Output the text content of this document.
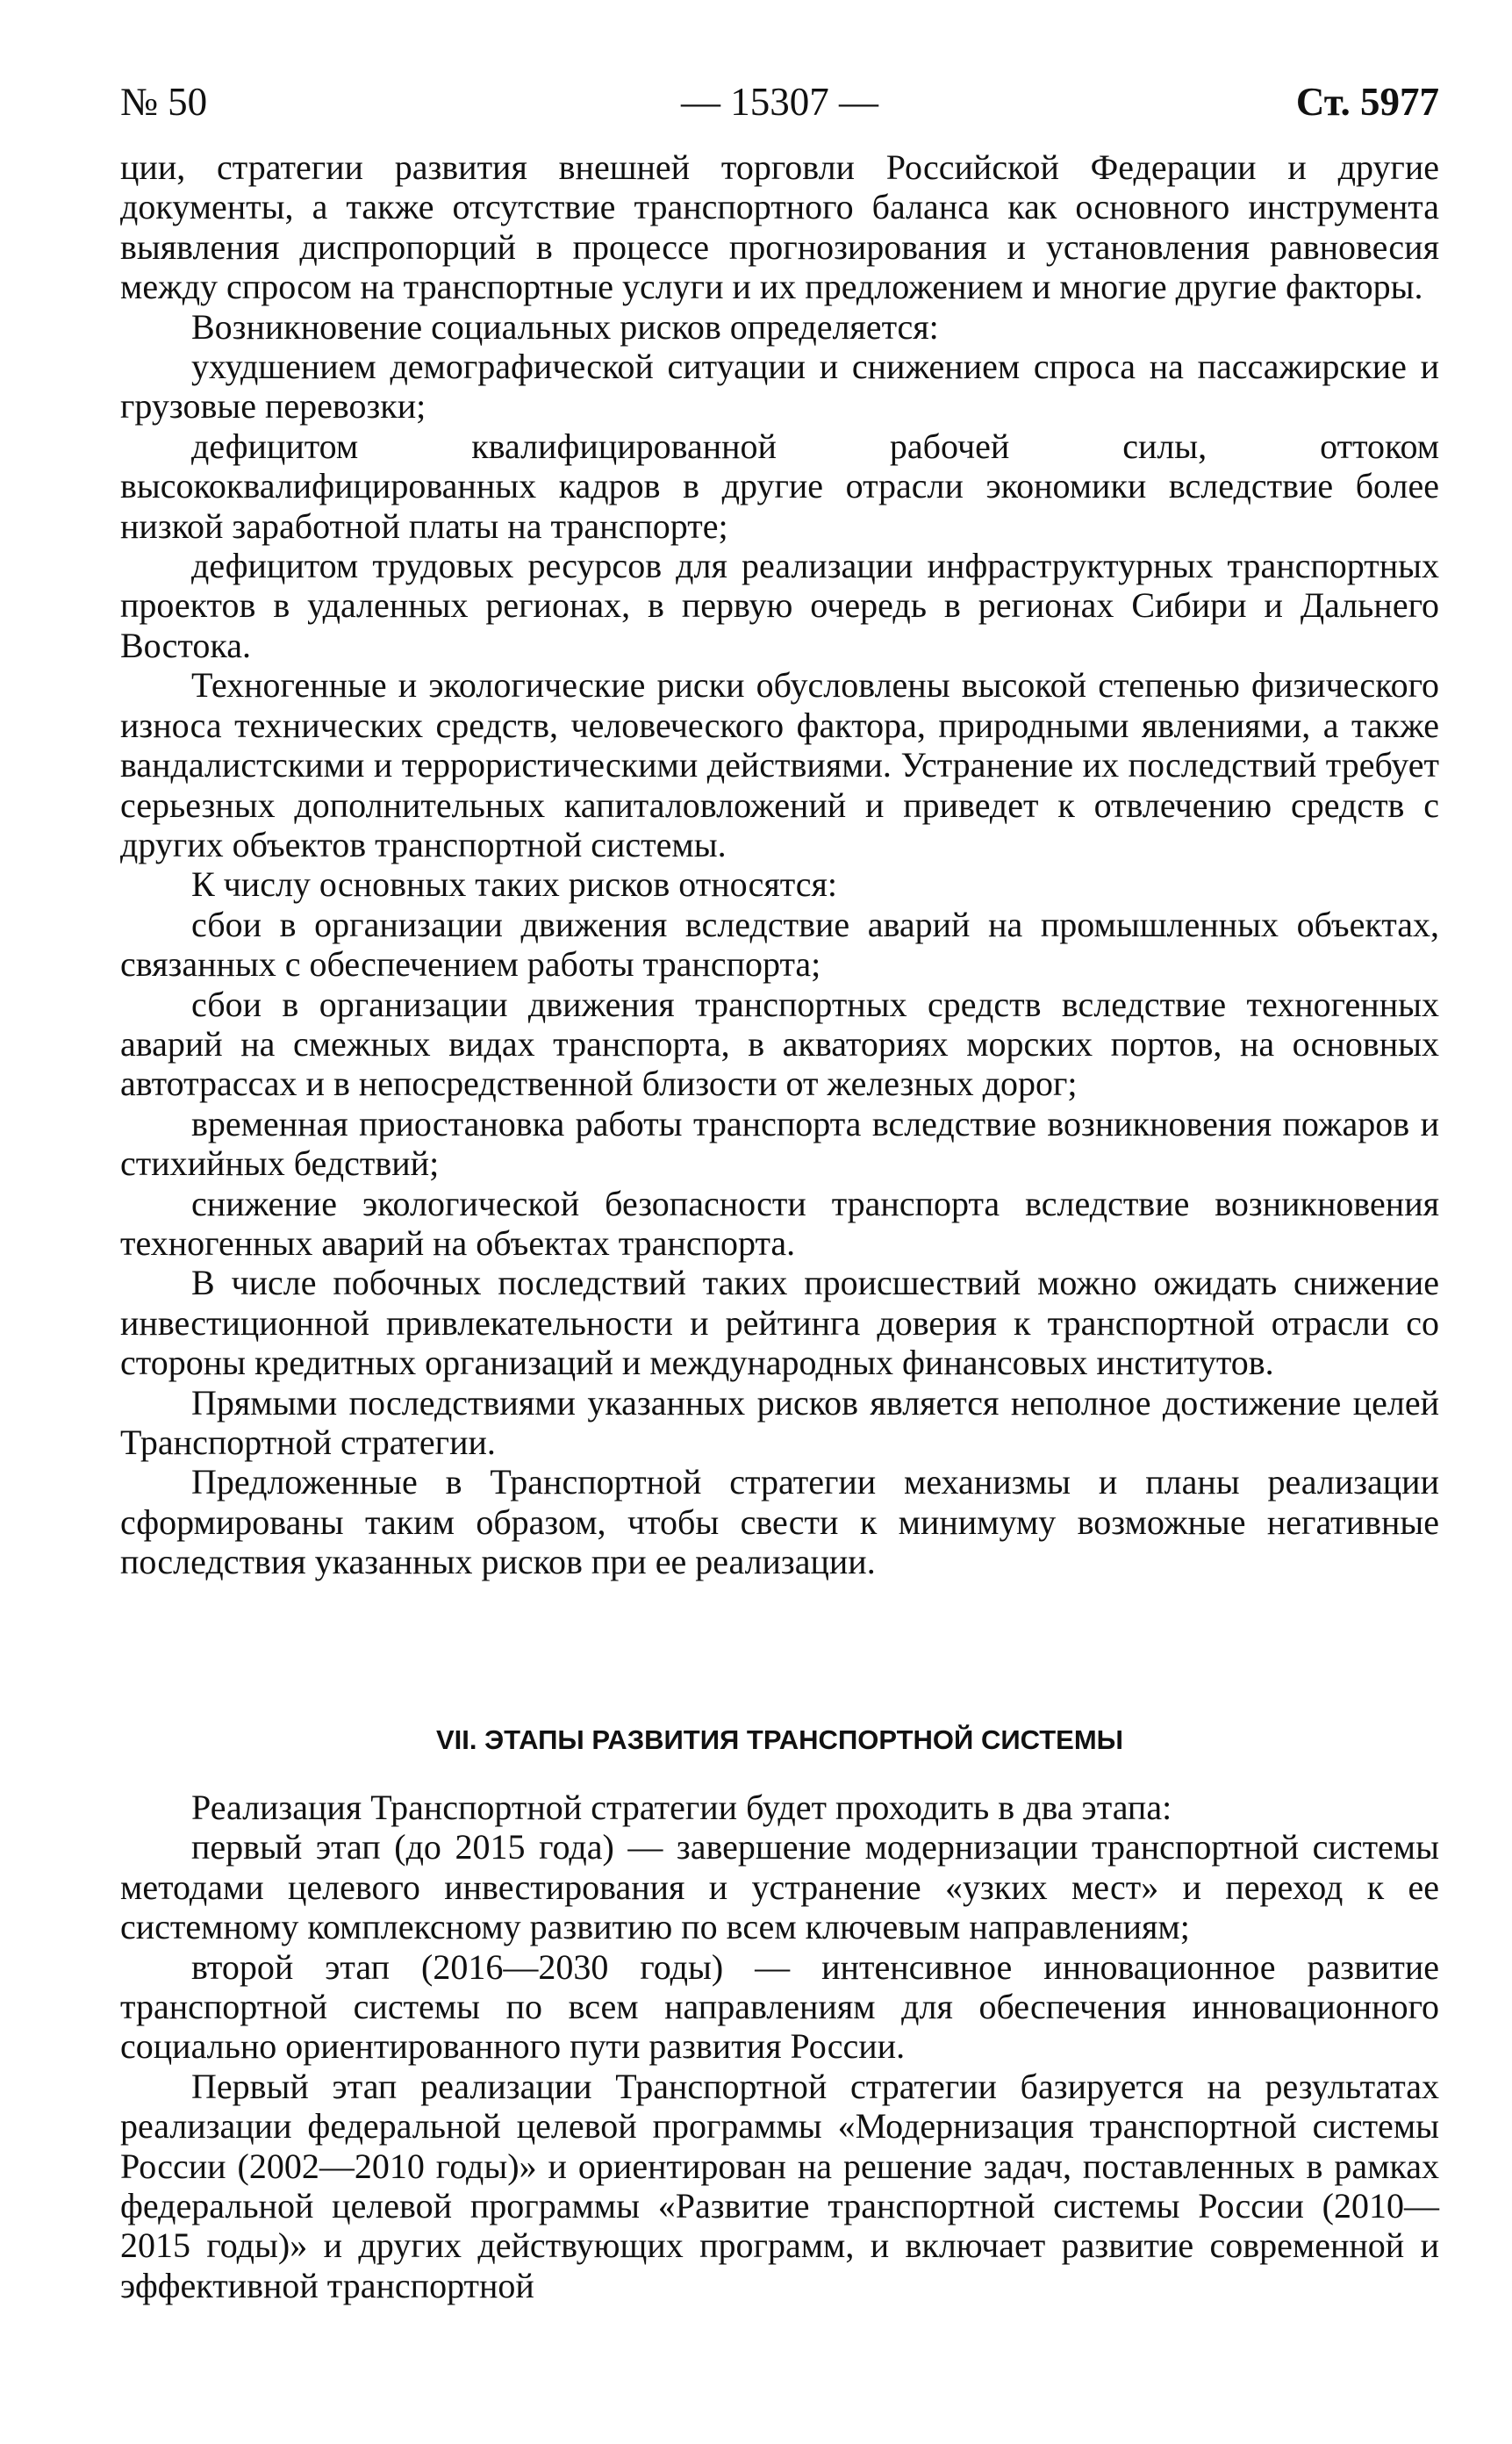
№ 50	— 15307 —	Ст. 5977

ции, стратегии развития внешней торговли Российской Федерации и другие документы, а также отсутствие транспортного баланса как основного инструмента выявления диспропорций в процессе прогнозирования и установления равновесия между спросом на транспортные услуги и их предложением и многие другие факторы.

Возникновение социальных рисков определяется:

ухудшением демографической ситуации и снижением спроса на пассажирские и грузовые перевозки;

дефицитом квалифицированной рабочей силы, оттоком высококвалифицированных кадров в другие отрасли экономики вследствие более низкой заработной платы на транспорте;

дефицитом трудовых ресурсов для реализации инфраструктурных транспортных проектов в удаленных регионах, в первую очередь в регионах Сибири и Дальнего Востока.

Техногенные и экологические риски обусловлены высокой степенью физического износа технических средств, человеческого фактора, природными явлениями, а также вандалистскими и террористическими действиями. Устранение их последствий требует серьезных дополнительных капиталовложений и приведет к отвлечению средств с других объектов транспортной системы.

К числу основных таких рисков относятся:

сбои в организации движения вследствие аварий на промышленных объектах, связанных с обеспечением работы транспорта;

сбои в организации движения транспортных средств вследствие техногенных аварий на смежных видах транспорта, в акваториях морских портов, на основных автотрассах и в непосредственной близости от железных дорог;

временная приостановка работы транспорта вследствие возникновения пожаров и стихийных бедствий;

снижение экологической безопасности транспорта вследствие возникновения техногенных аварий на объектах транспорта.

В числе побочных последствий таких происшествий можно ожидать снижение инвестиционной привлекательности и рейтинга доверия к транспортной отрасли со стороны кредитных организаций и международных финансовых институтов.

Прямыми последствиями указанных рисков является неполное достижение целей Транспортной стратегии.

Предложенные в Транспортной стратегии механизмы и планы реализации сформированы таким образом, чтобы свести к минимуму возможные негативные последствия указанных рисков при ее реализации.

VII. ЭТАПЫ РАЗВИТИЯ ТРАНСПОРТНОЙ СИСТЕМЫ

Реализация Транспортной стратегии будет проходить в два этапа:

первый этап (до 2015 года) — завершение модернизации транспортной системы методами целевого инвестирования и устранение «узких мест» и переход к ее системному комплексному развитию по всем ключевым направлениям;

второй этап (2016—2030 годы) — интенсивное инновационное развитие транспортной системы по всем направлениям для обеспечения инновационного социально ориентированного пути развития России.

Первый этап реализации Транспортной стратегии базируется на результатах реализации федеральной целевой программы «Модернизация транспортной системы России (2002—2010 годы)» и ориентирован на решение задач, поставленных в рамках федеральной целевой программы «Развитие транспортной системы России (2010—2015 годы)» и других действующих программ, и включает развитие современной и эффективной транспортной
